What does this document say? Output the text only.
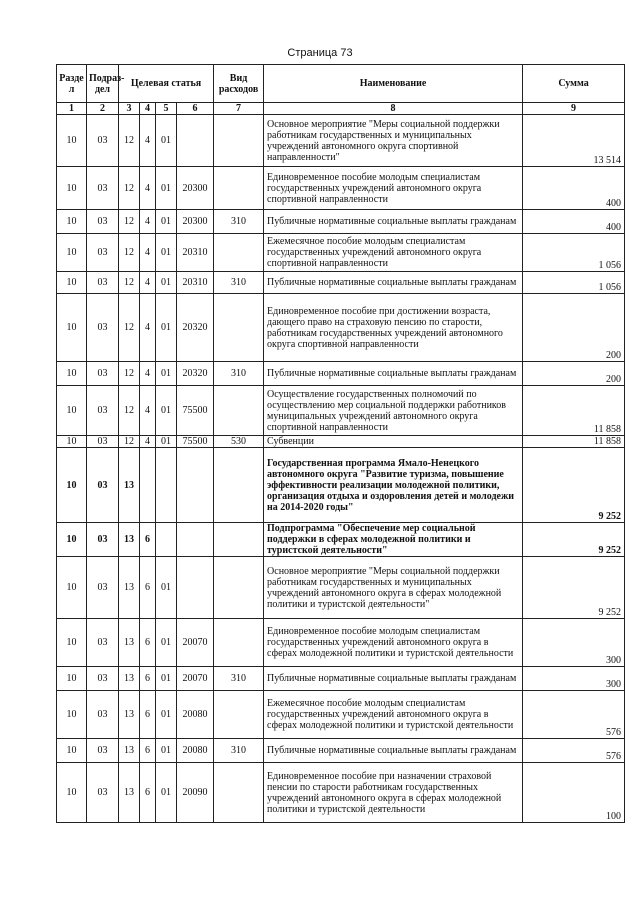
Страница 73
Разде л	Подраз- дел	Целевая статья				Вид расходов	Наименование	Сумма
1	2	3	4	5	6	7	8	9
10	03	12	4	01			Основное мероприятие "Меры социальной поддержки работникам государственных и муниципальных учреждений автономного округа спортивной направленности"	13 514
10	03	12	4	01	20300		Единовременное пособие молодым специалистам государственных учреждений автономного округа спортивной направленности	400
10	03	12	4	01	20300	310	Публичные нормативные социальные выплаты гражданам	400
10	03	12	4	01	20310		Ежемесячное пособие молодым специалистам государственных учреждений автономного округа спортивной направленности	1 056
10	03	12	4	01	20310	310	Публичные нормативные социальные выплаты гражданам	1 056
10	03	12	4	01	20320		Единовременное пособие при достижении возраста, дающего право на страховую пенсию по старости, работникам государственных учреждений автономного округа спортивной направленности	200
10	03	12	4	01	20320	310	Публичные нормативные социальные выплаты гражданам	200
10	03	12	4	01	75500		Осуществление государственных полномочий по осуществлению мер социальной поддержки работников муниципальных учреждений автономного округа спортивной направленности	11 858
10	03	12	4	01	75500	530	Субвенции	11 858
10	03	13					Государственная программа Ямало-Ненецкого автономного округа "Развитие туризма, повышение эффективности реализации молодежной политики, организация отдыха и оздоровления детей и молодежи на 2014-2020 годы"	9 252
10	03	13	6				Подпрограмма "Обеспечение мер социальной поддержки в сферах молодежной политики и туристской деятельности"	9 252
10	03	13	6	01			Основное мероприятие "Меры социальной поддержки работникам государственных и муниципальных учреждений автономного округа в сферах молодежной политики и туристской деятельности"	9 252
10	03	13	6	01	20070		Единовременное пособие молодым специалистам государственных учреждений автономного округа в сферах молодежной политики и туристской деятельности	300
10	03	13	6	01	20070	310	Публичные нормативные социальные выплаты гражданам	300
10	03	13	6	01	20080		Ежемесячное пособие молодым специалистам государственных учреждений автономного округа в сферах молодежной политики и туристской деятельности	576
10	03	13	6	01	20080	310	Публичные нормативные социальные выплаты гражданам	576
10	03	13	6	01	20090		Единовременное пособие при назначении страховой пенсии по старости работникам государственных учреждений автономного округа в сферах молодежной политики и туристской деятельности	100
